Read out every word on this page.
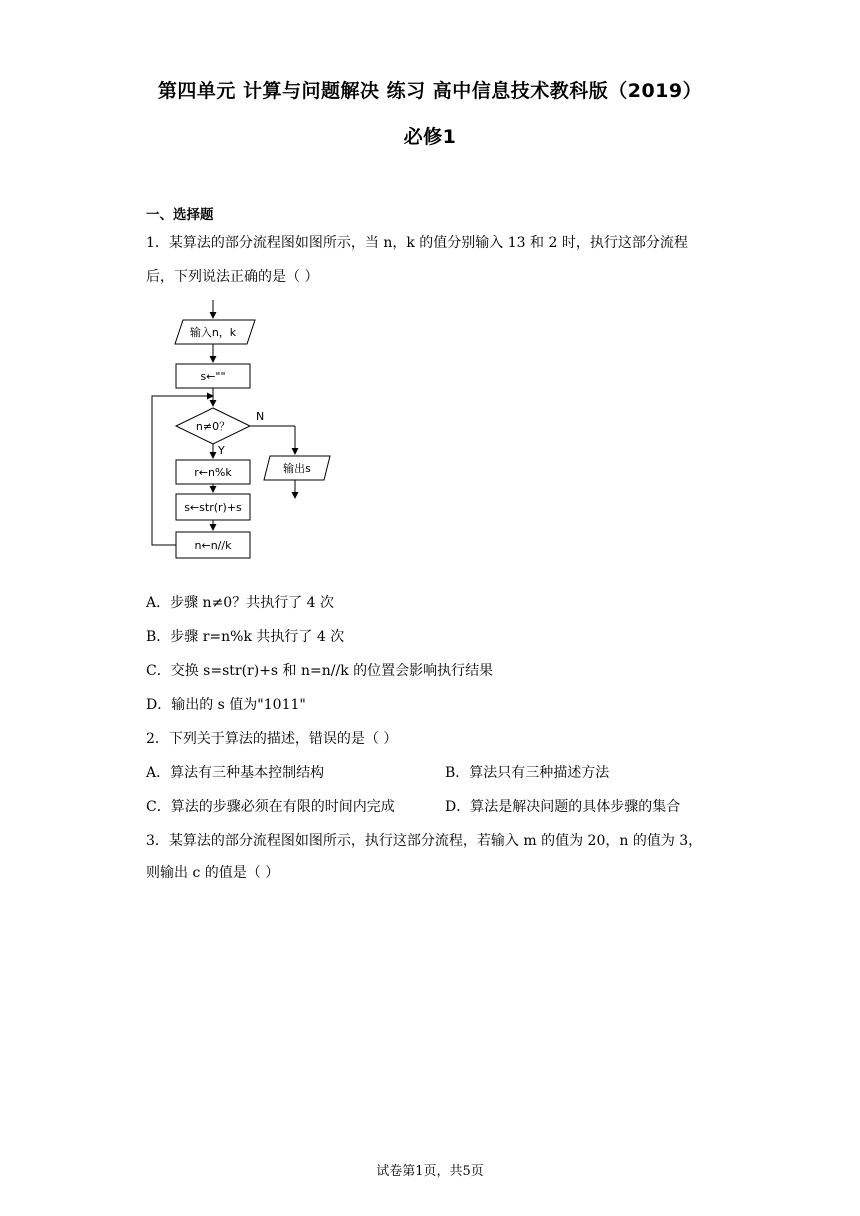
第四单元 计算与问题解决 练习 高中信息技术教科版（2019）
必修1
一、选择题
1．某算法的部分流程图如图所示，当 n，k 的值分别输入 13 和 2 时，执行这部分流程
后，下列说法正确的是（ ）
输入n，k
s←""
n≠0？
N
Y
输出s
r←n%k
s←str(r)+s
n←n//k
A．步骤 n≠0？共执行了 4 次
B．步骤 r=n%k 共执行了 4 次
C．交换 s=str(r)+s 和 n=n//k 的位置会影响执行结果
D．输出的 s 值为"1011"
2．下列关于算法的描述，错误的是（ ）
A．算法有三种基本控制结构	B．算法只有三种描述方法
C．算法的步骤必须在有限的时间内完成	D．算法是解决问题的具体步骤的集合
3．某算法的部分流程图如图所示，执行这部分流程，若输入 m 的值为 20，n 的值为 3，
则输出 c 的值是（ ）
试卷第1页，共5页
